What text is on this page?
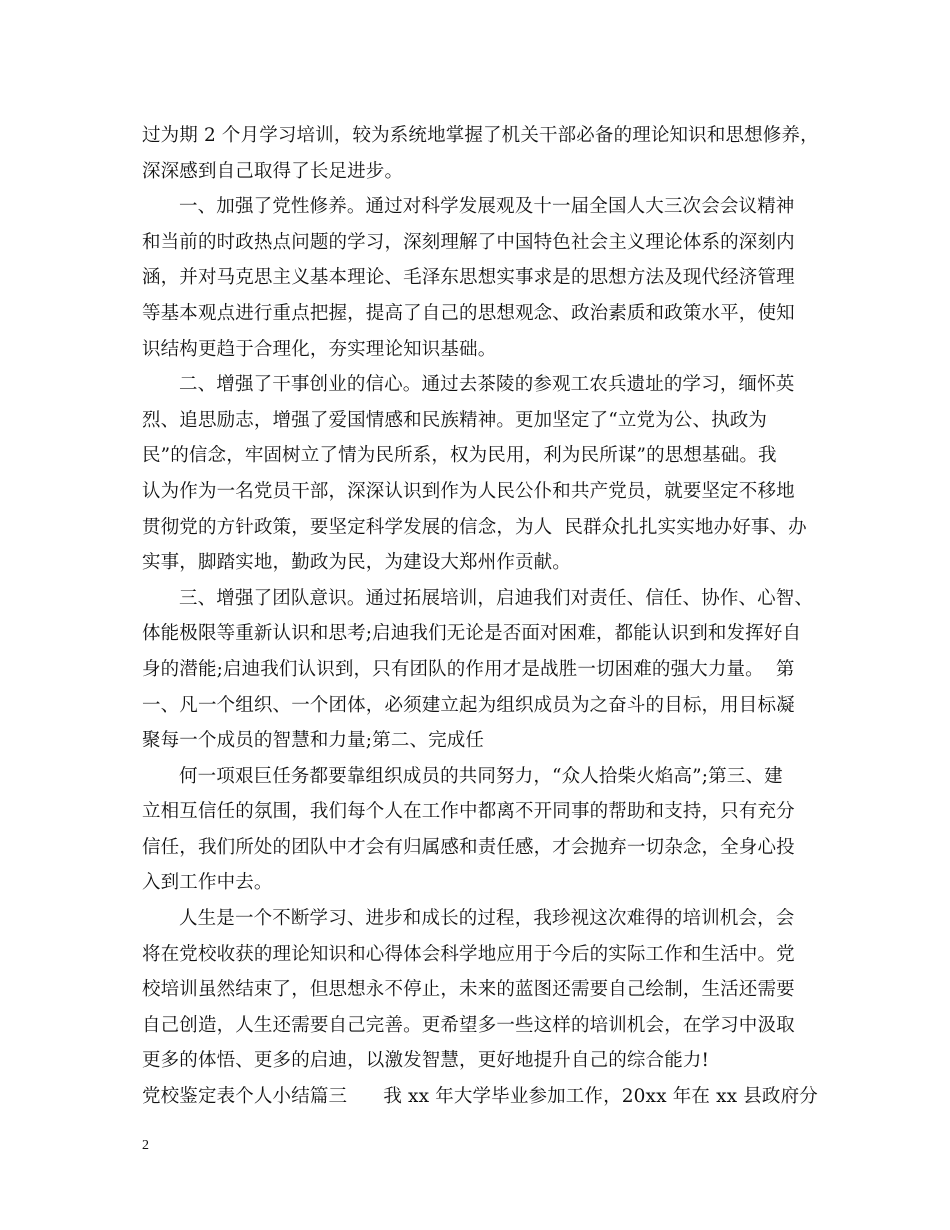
过为期 2 个月学习培训，较为系统地掌握了机关干部必备的理论知识和思想修养，
深深感到自己取得了长足进步。
一、加强了党性修养。通过对科学发展观及十一届全国人大三次会会议精神
和当前的时政热点问题的学习，深刻理解了中国特色社会主义理论体系的深刻内
涵，并对马克思主义基本理论、毛泽东思想实事求是的思想方法及现代经济管理
等基本观点进行重点把握，提高了自己的思想观念、政治素质和政策水平，使知
识结构更趋于合理化，夯实理论知识基础。
二、增强了干事创业的信心。通过去茶陵的参观工农兵遗址的学习，缅怀英
烈、追思励志，增强了爱国情感和民族精神。更加坚定了“立党为公、执政为
民”的信念，牢固树立了情为民所系，权为民用，利为民所谋”的思想基础。我
认为作为一名党员干部，深深认识到作为人民公仆和共产党员，就要坚定不移地
贯彻党的方针政策，要坚定科学发展的信念，为人  民群众扎扎实实地办好事、办
实事，脚踏实地，勤政为民，为建设大郑州作贡献。
三、增强了团队意识。通过拓展培训，启迪我们对责任、信任、协作、心智、
体能极限等重新认识和思考;启迪我们无论是否面对困难，都能认识到和发挥好自
身的潜能;启迪我们认识到，只有团队的作用才是战胜一切困难的强大力量。  第
一、凡一个组织、一个团体，必须建立起为组织成员为之奋斗的目标，用目标凝
聚每一个成员的智慧和力量;第二、完成任
何一项艰巨任务都要靠组织成员的共同努力，“众人拾柴火焰高”;第三、建
立相互信任的氛围，我们每个人在工作中都离不开同事的帮助和支持，只有充分
信任，我们所处的团队中才会有归属感和责任感，才会抛弃一切杂念，全身心投
入到工作中去。
人生是一个不断学习、进步和成长的过程，我珍视这次难得的培训机会，会
将在党校收获的理论知识和心得体会科学地应用于今后的实际工作和生活中。党
校培训虽然结束了，但思想永不停止，未来的蓝图还需要自己绘制，生活还需要
自己创造，人生还需要自己完善。更希望多一些这样的培训机会，在学习中汲取
更多的体悟、更多的启迪，以激发智慧，更好地提升自己的综合能力!
党校鉴定表个人小结篇三      我 xx 年大学毕业参加工作，20xx 年在 xx 县政府分
2
